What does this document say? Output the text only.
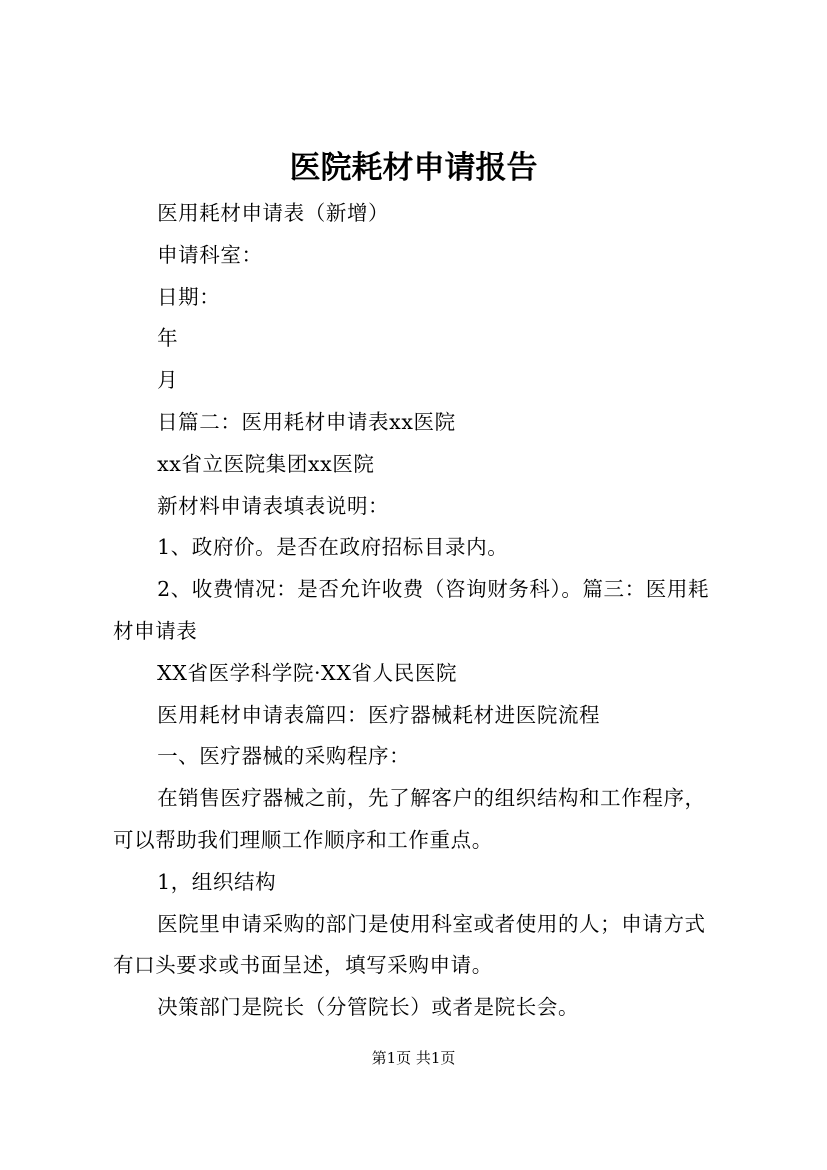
医院耗材申请报告

医用耗材申请表（新增）

申请科室：

日期：

年

月

日篇二：医用耗材申请表xx医院

xx省立医院集团xx医院

新材料申请表填表说明：

1、政府价。是否在政府招标目录内。

2、收费情况：是否允许收费（咨询财务科）。篇三：医用耗材申请表

XX省医学科学院·XX省人民医院

医用耗材申请表篇四：医疗器械耗材进医院流程

一、医疗器械的采购程序：

在销售医疗器械之前，先了解客户的组织结构和工作程序，可以帮助我们理顺工作顺序和工作重点。

1，组织结构

医院里申请采购的部门是使用科室或者使用的人；申请方式有口头要求或书面呈述，填写采购申请。

决策部门是院长（分管院长）或者是院长会。

第1页 共1页
